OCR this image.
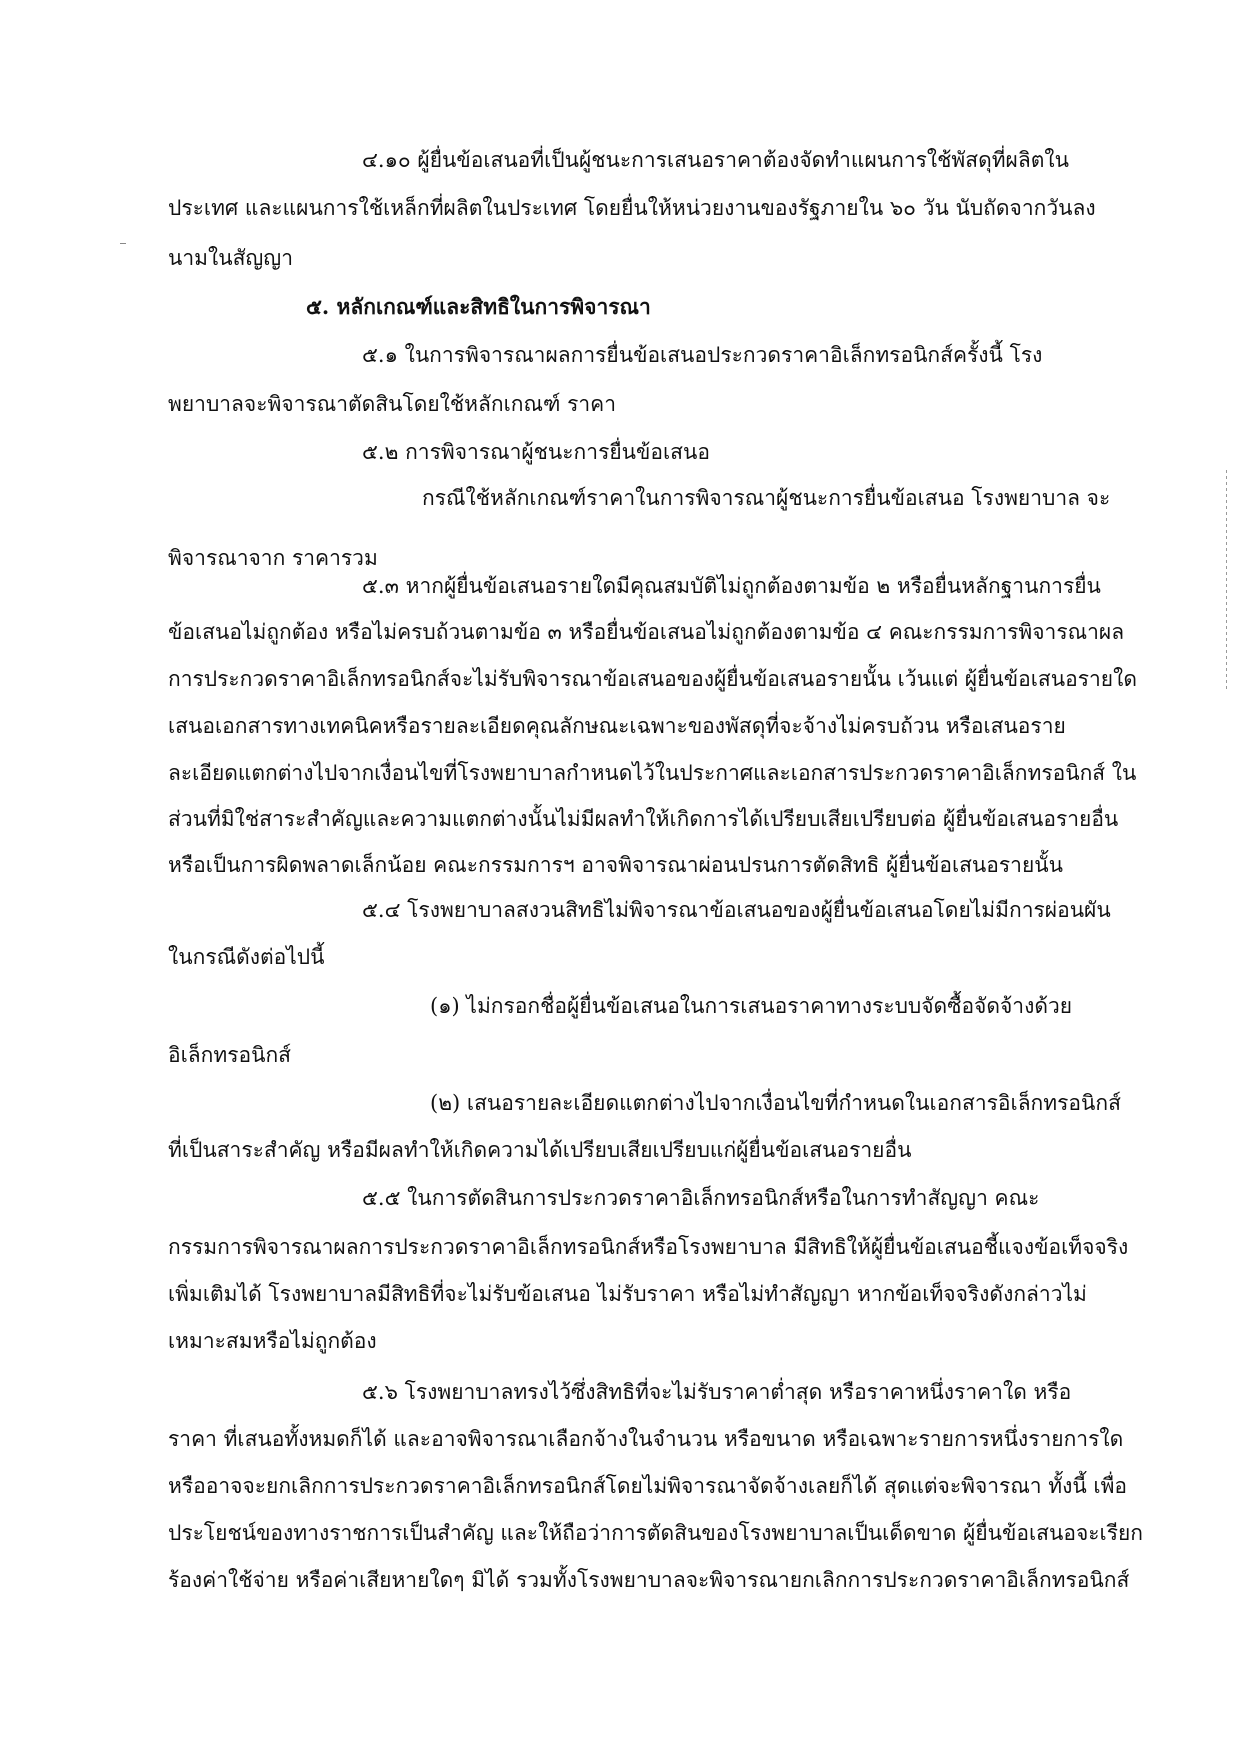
๔.๑๐ ผู้ยื่นข้อเสนอที่เป็นผู้ชนะการเสนอราคาต้องจัดทำแผนการใช้พัสดุที่ผลิตใน
ประเทศ และแผนการใช้เหล็กที่ผลิตในประเทศ โดยยื่นให้หน่วยงานของรัฐภายใน ๖๐ วัน นับถัดจากวันลง
นามในสัญญา
๕. หลักเกณฑ์และสิทธิในการพิจารณา
๕.๑ ในการพิจารณาผลการยื่นข้อเสนอประกวดราคาอิเล็กทรอนิกส์ครั้งนี้ โรง
พยาบาลจะพิจารณาตัดสินโดยใช้หลักเกณฑ์ ราคา
๕.๒ การพิจารณาผู้ชนะการยื่นข้อเสนอ
กรณีใช้หลักเกณฑ์ราคาในการพิจารณาผู้ชนะการยื่นข้อเสนอ โรงพยาบาล จะ
พิจารณาจาก ราคารวม
๕.๓ หากผู้ยื่นข้อเสนอรายใดมีคุณสมบัติไม่ถูกต้องตามข้อ ๒ หรือยื่นหลักฐานการยื่น
ข้อเสนอไม่ถูกต้อง หรือไม่ครบถ้วนตามข้อ ๓ หรือยื่นข้อเสนอไม่ถูกต้องตามข้อ ๔ คณะกรรมการพิจารณาผล
การประกวดราคาอิเล็กทรอนิกส์จะไม่รับพิจารณาข้อเสนอของผู้ยื่นข้อเสนอรายนั้น เว้นแต่ ผู้ยื่นข้อเสนอรายใด
เสนอเอกสารทางเทคนิคหรือรายละเอียดคุณลักษณะเฉพาะของพัสดุที่จะจ้างไม่ครบถ้วน หรือเสนอราย
ละเอียดแตกต่างไปจากเงื่อนไขที่โรงพยาบาลกำหนดไว้ในประกาศและเอกสารประกวดราคาอิเล็กทรอนิกส์ ใน
ส่วนที่มิใช่สาระสำคัญและความแตกต่างนั้นไม่มีผลทำให้เกิดการได้เปรียบเสียเปรียบต่อ ผู้ยื่นข้อเสนอรายอื่น
หรือเป็นการผิดพลาดเล็กน้อย คณะกรรมการฯ อาจพิจารณาผ่อนปรนการตัดสิทธิ ผู้ยื่นข้อเสนอรายนั้น
๕.๔ โรงพยาบาลสงวนสิทธิไม่พิจารณาข้อเสนอของผู้ยื่นข้อเสนอโดยไม่มีการผ่อนผัน
ในกรณีดังต่อไปนี้
(๑) ไม่กรอกชื่อผู้ยื่นข้อเสนอในการเสนอราคาทางระบบจัดซื้อจัดจ้างด้วย
อิเล็กทรอนิกส์
(๒) เสนอรายละเอียดแตกต่างไปจากเงื่อนไขที่กำหนดในเอกสารอิเล็กทรอนิกส์
ที่เป็นสาระสำคัญ หรือมีผลทำให้เกิดความได้เปรียบเสียเปรียบแก่ผู้ยื่นข้อเสนอรายอื่น
๕.๕ ในการตัดสินการประกวดราคาอิเล็กทรอนิกส์หรือในการทำสัญญา คณะ
กรรมการพิจารณาผลการประกวดราคาอิเล็กทรอนิกส์หรือโรงพยาบาล มีสิทธิให้ผู้ยื่นข้อเสนอชี้แจงข้อเท็จจริง
เพิ่มเติมได้ โรงพยาบาลมีสิทธิที่จะไม่รับข้อเสนอ ไม่รับราคา หรือไม่ทำสัญญา หากข้อเท็จจริงดังกล่าวไม่
เหมาะสมหรือไม่ถูกต้อง
๕.๖ โรงพยาบาลทรงไว้ซึ่งสิทธิที่จะไม่รับราคาต่ำสุด หรือราคาหนึ่งราคาใด หรือ
ราคา ที่เสนอทั้งหมดก็ได้ และอาจพิจารณาเลือกจ้างในจำนวน หรือขนาด หรือเฉพาะรายการหนึ่งรายการใด
หรืออาจจะยกเลิกการประกวดราคาอิเล็กทรอนิกส์โดยไม่พิจารณาจัดจ้างเลยก็ได้ สุดแต่จะพิจารณา ทั้งนี้ เพื่อ
ประโยชน์ของทางราชการเป็นสำคัญ และให้ถือว่าการตัดสินของโรงพยาบาลเป็นเด็ดขาด ผู้ยื่นข้อเสนอจะเรียก
ร้องค่าใช้จ่าย หรือค่าเสียหายใดๆ มิได้ รวมทั้งโรงพยาบาลจะพิจารณายกเลิกการประกวดราคาอิเล็กทรอนิกส์
